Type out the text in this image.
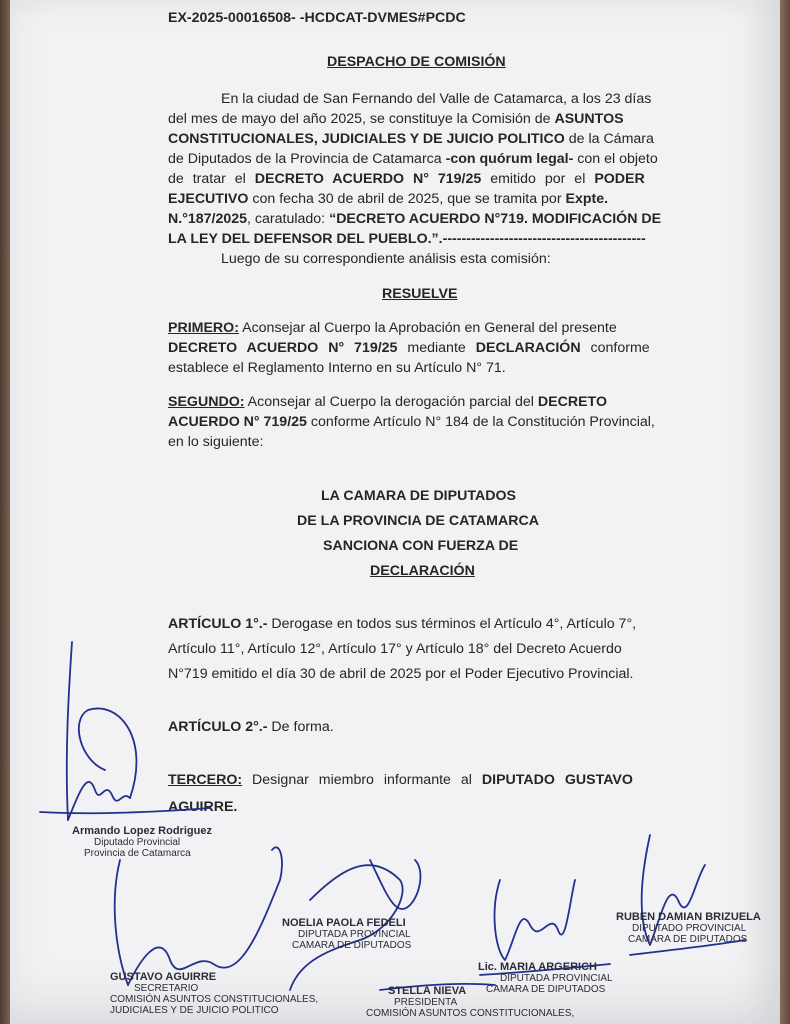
EX-2025-00016508- -HCDCAT-DVMES#PCDC
DESPACHO DE COMISIÓN
En la ciudad de San Fernando del Valle de Catamarca, a los 23 días
del mes de mayo del año 2025, se constituye la Comisión de ASUNTOS
CONSTITUCIONALES, JUDICIALES Y DE JUICIO POLITICO de la Cámara
de Diputados de la Provincia de Catamarca -con quórum legal- con el objeto
de tratar el DECRETO ACUERDO N° 719/25 emitido por el PODER
EJECUTIVO con fecha 30 de abril de 2025, que se tramita por Expte.
N.°187/2025, caratulado: “DECRETO ACUERDO N°719. MODIFICACIÓN DE
LA LEY DEL DEFENSOR DEL PUEBLO.”.-------------------------------------------
Luego de su correspondiente análisis esta comisión:
RESUELVE
PRIMERO: Aconsejar al Cuerpo la Aprobación en General del presente
DECRETO ACUERDO N° 719/25 mediante DECLARACIÓN conforme
establece el Reglamento Interno en su Artículo N° 71.
SEGUNDO: Aconsejar al Cuerpo la derogación parcial del DECRETO
ACUERDO N° 719/25 conforme Artículo N° 184 de la Constitución Provincial,
en lo siguiente:
LA CAMARA DE DIPUTADOS
DE LA PROVINCIA DE CATAMARCA
SANCIONA CON FUERZA DE
DECLARACIÓN
ARTÍCULO 1°.- Derogase en todos sus términos el Artículo 4°, Artículo 7°,
Artículo 11°, Artículo 12°, Artículo 17° y Artículo 18° del Decreto Acuerdo
N°719 emitido el día 30 de abril de 2025 por el Poder Ejecutivo Provincial.
ARTÍCULO 2°.- De forma.
TERCERO: Designar miembro informante al DIPUTADO GUSTAVO
AGUIRRE.
Armando Lopez Rodriguez
Diputado Provincial
Provincia de Catamarca
NOELIA PAOLA FEDELI
DIPUTADA PROVINCIAL
CAMARA DE DIPUTADOS
Lic. MARIA ARGERICH
DIPUTADA PROVINCIAL
CAMARA DE DIPUTADOS
RUBEN DAMIAN BRIZUELA
DIPUTADO PROVINCIAL
CAMARA DE DIPUTADOS
GUSTAVO AGUIRRE
SECRETARIO
COMISIÓN ASUNTOS CONSTITUCIONALES,
JUDICIALES Y DE JUICIO POLITICO
STELLA NIEVA
PRESIDENTA
COMISIÓN ASUNTOS CONSTITUCIONALES,
